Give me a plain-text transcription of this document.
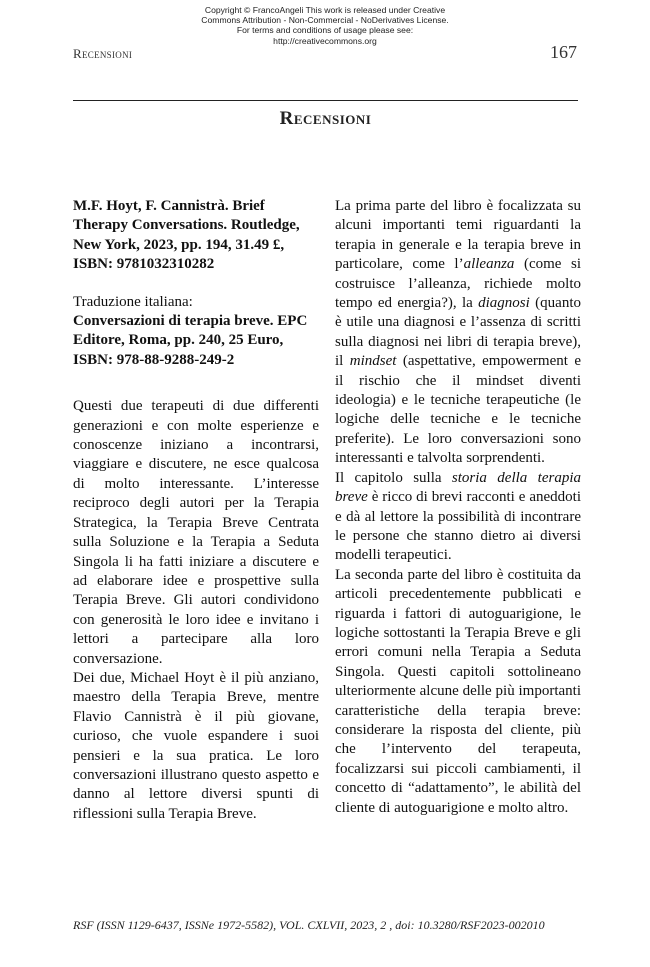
Copyright © FrancoAngeli This work is released under Creative
Commons Attribution - Non-Commercial - NoDerivatives License.
For terms and conditions of usage please see:
http://creativecommons.org
Recensioni	167
Recensioni

M.F. Hoyt, F. Cannistrà. Brief Therapy Conversations. Routledge, New York, 2023, pp. 194, 31.49 £, ISBN: 9781032310282

Traduzione italiana:
Conversazioni di terapia breve. EPC Editore, Roma, pp. 240, 25 Euro, ISBN: 978-88-9288-249-2

Questi due terapeuti di due differenti generazioni e con molte esperienze e conoscenze iniziano a incontrarsi, viaggiare e discutere, ne esce qualcosa di molto interessante. L’interesse reciproco degli autori per la Terapia Strategica, la Terapia Breve Centrata sulla Soluzione e la Terapia a Seduta Singola li ha fatti iniziare a discutere e ad elaborare idee e prospettive sulla Terapia Breve. Gli autori condividono con generosità le loro idee e invitano i lettori a partecipare alla loro conversazione.

Dei due, Michael Hoyt è il più anziano, maestro della Terapia Breve, mentre Flavio Cannistrà è il più giovane, curioso, che vuole espandere i suoi pensieri e la sua pratica. Le loro conversazioni illustrano questo aspetto e danno al lettore diversi spunti di riflessioni sulla Terapia Breve.

La prima parte del libro è focalizzata su alcuni importanti temi riguardanti la terapia in generale e la terapia breve in particolare, come l’alleanza (come si costruisce l’alleanza, richiede molto tempo ed energia?), la diagnosi (quanto è utile una diagnosi e l’assenza di scritti sulla diagnosi nei libri di terapia breve), il mindset (aspettative, empowerment e il rischio che il mindset diventi ideologia) e le tecniche terapeutiche (le logiche delle tecniche e le tecniche preferite). Le loro conversazioni sono interessanti e talvolta sorprendenti.

Il capitolo sulla storia della terapia breve è ricco di brevi racconti e aneddoti e dà al lettore la possibilità di incontrare le persone che stanno dietro ai diversi modelli terapeutici.

La seconda parte del libro è costituita da articoli precedentemente pubblicati e riguarda i fattori di autoguarigione, le logiche sottostanti la Terapia Breve e gli errori comuni nella Terapia a Seduta Singola. Questi capitoli sottolineano ulteriormente alcune delle più importanti caratteristiche della terapia breve: considerare la risposta del cliente, più che l’intervento del terapeuta, focalizzarsi sui piccoli cambiamenti, il concetto di “adattamento”, le abilità del cliente di autoguarigione e molto altro.

RSF (ISSN 1129-6437, ISSNe 1972-5582), VOL. CXLVII, 2023, 2 , doi: 10.3280/RSF2023-002010
